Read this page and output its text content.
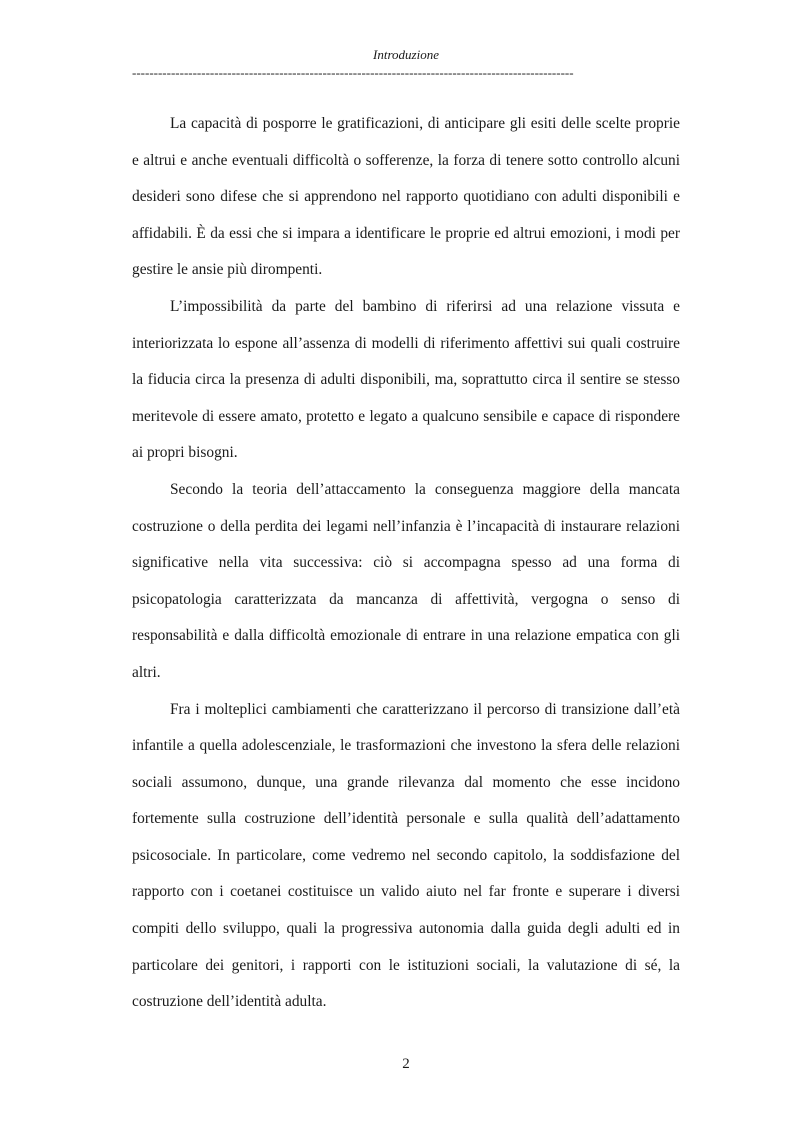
Introduzione
------------------------------------------------------------------------------------------------------

La capacità di posporre le gratificazioni, di anticipare gli esiti delle scelte proprie e altrui e anche eventuali difficoltà o sofferenze, la forza di tenere sotto controllo alcuni desideri sono difese che si apprendono nel rapporto quotidiano con adulti disponibili e affidabili. È da essi che si impara a identificare le proprie ed altrui emozioni, i modi per gestire le ansie più dirompenti.

L’impossibilità da parte del bambino di riferirsi ad una relazione vissuta e interiorizzata lo espone all’assenza di modelli di riferimento affettivi sui quali costruire la fiducia circa la presenza di adulti disponibili, ma, soprattutto circa il sentire se stesso meritevole di essere amato, protetto e legato a qualcuno sensibile e capace di rispondere ai propri bisogni.

Secondo la teoria dell’attaccamento la conseguenza maggiore della mancata costruzione o della perdita dei legami nell’infanzia è l’incapacità di instaurare relazioni significative nella vita successiva: ciò si accompagna spesso ad una forma di psicopatologia caratterizzata da mancanza di affettività, vergogna o senso di responsabilità e dalla difficoltà emozionale di entrare in una relazione empatica con gli altri.

Fra i molteplici cambiamenti che caratterizzano il percorso di transizione dall’età infantile a quella adolescenziale, le trasformazioni che investono la sfera delle relazioni sociali assumono, dunque, una grande rilevanza dal momento che esse incidono fortemente sulla costruzione dell’identità personale e sulla qualità dell’adattamento psicosociale. In particolare, come vedremo nel secondo capitolo, la soddisfazione del rapporto con i coetanei costituisce un valido aiuto nel far fronte e superare i diversi compiti dello sviluppo, quali la progressiva autonomia dalla guida degli adulti ed in particolare dei genitori, i rapporti con le istituzioni sociali, la valutazione di sé, la costruzione dell’identità adulta.

2
